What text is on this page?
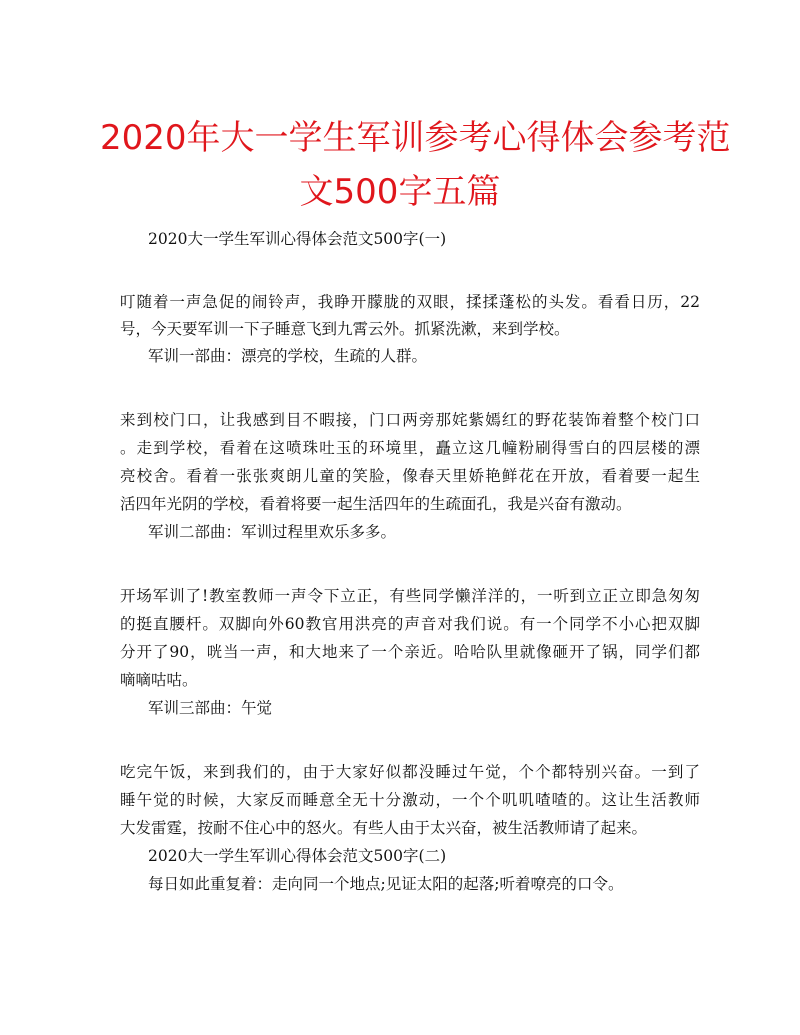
2020年大一学生军训参考心得体会参考范
文500字五篇
2020大一学生军训心得体会范文500字(一)
叮随着一声急促的闹铃声，我睁开朦胧的双眼，揉揉蓬松的头发。看看日历，22
号，今天要军训一下子睡意飞到九霄云外。抓紧洗漱，来到学校。
军训一部曲：漂亮的学校，生疏的人群。
来到校门口，让我感到目不暇接，门口两旁那姹紫嫣红的野花装饰着整个校门口
。走到学校，看着在这喷珠吐玉的环境里，矗立这几幢粉刷得雪白的四层楼的漂
亮校舍。看着一张张爽朗儿童的笑脸，像春天里娇艳鲜花在开放，看着要一起生
活四年光阴的学校，看着将要一起生活四年的生疏面孔，我是兴奋有激动。
军训二部曲：军训过程里欢乐多多。
开场军训了!教室教师一声令下立正，有些同学懒洋洋的，一听到立正立即急匆匆
的挺直腰杆。双脚向外60教官用洪亮的声音对我们说。有一个同学不小心把双脚
分开了90，咣当一声，和大地来了一个亲近。哈哈队里就像砸开了锅，同学们都
嘀嘀咕咕。
军训三部曲：午觉
吃完午饭，来到我们的，由于大家好似都没睡过午觉，个个都特别兴奋。一到了
睡午觉的时候，大家反而睡意全无十分激动，一个个叽叽喳喳的。这让生活教师
大发雷霆，按耐不住心中的怒火。有些人由于太兴奋，被生活教师请了起来。
2020大一学生军训心得体会范文500字(二)
每日如此重复着：走向同一个地点;见证太阳的起落;听着嘹亮的口令。
